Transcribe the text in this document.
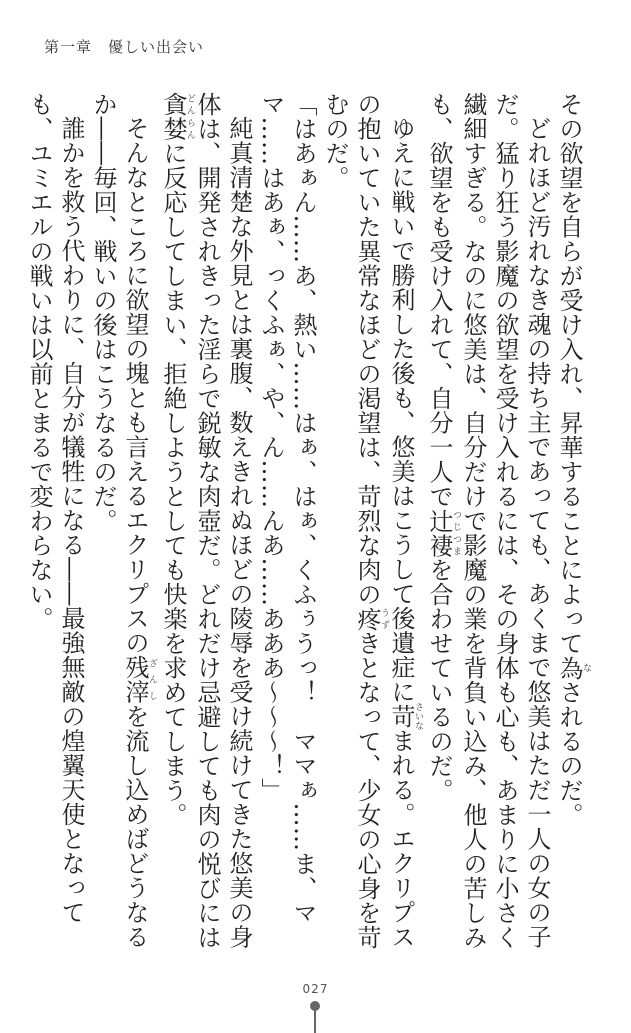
第一章　 優しい出会い

その欲望を自らが受け入れ、昇華することによって為なされるのだ。

どれほど汚れなき魂の持ち主であっても、あくまで悠美はただ一人の女の子だ。猛り狂う影魔の欲望を受け入れるには、その身体も心も、あまりに小さく繊細すぎる。なのに悠美は、自分だけで影魔の業を背負い込み、他人の苦しみも、欲望をも受け入れて、自分一人で辻褄つじつまを合わせているのだ。

ゆえに戦いで勝利した後も、悠美はこうして後遺症に苛さいなまれる。エクリプスの抱いていた異常なほどの渇望は、苛烈な肉の疼うずきとなって、少女の心身を苛むのだ。

「はあぁん……あ、熱い……はぁ、はぁ、くふぅうっ！　ママぁ……ま、ママ……はあぁ、っくふぁ、や、ん……んあ……あああ〜〜〜！」

純真清楚な外見とは裏腹、数えきれぬほどの陵辱を受け続けてきた悠美の身体は、開発されきった淫らで鋭敏な肉壺だ。どれだけ忌避しても肉の悦びには貪婪どんらんに反応してしまい、拒絶しようとしても快楽を求めてしまう。

そんなところに欲望の塊とも言えるエクリプスの残滓ざんしを流し込めばどうなるか――毎回、戦いの後はこうなるのだ。

誰かを救う代わりに、自分が犠牲になる――最強無敵の煌翼天使となっても、ユミエルの戦いは以前とまるで変わらない。

027
